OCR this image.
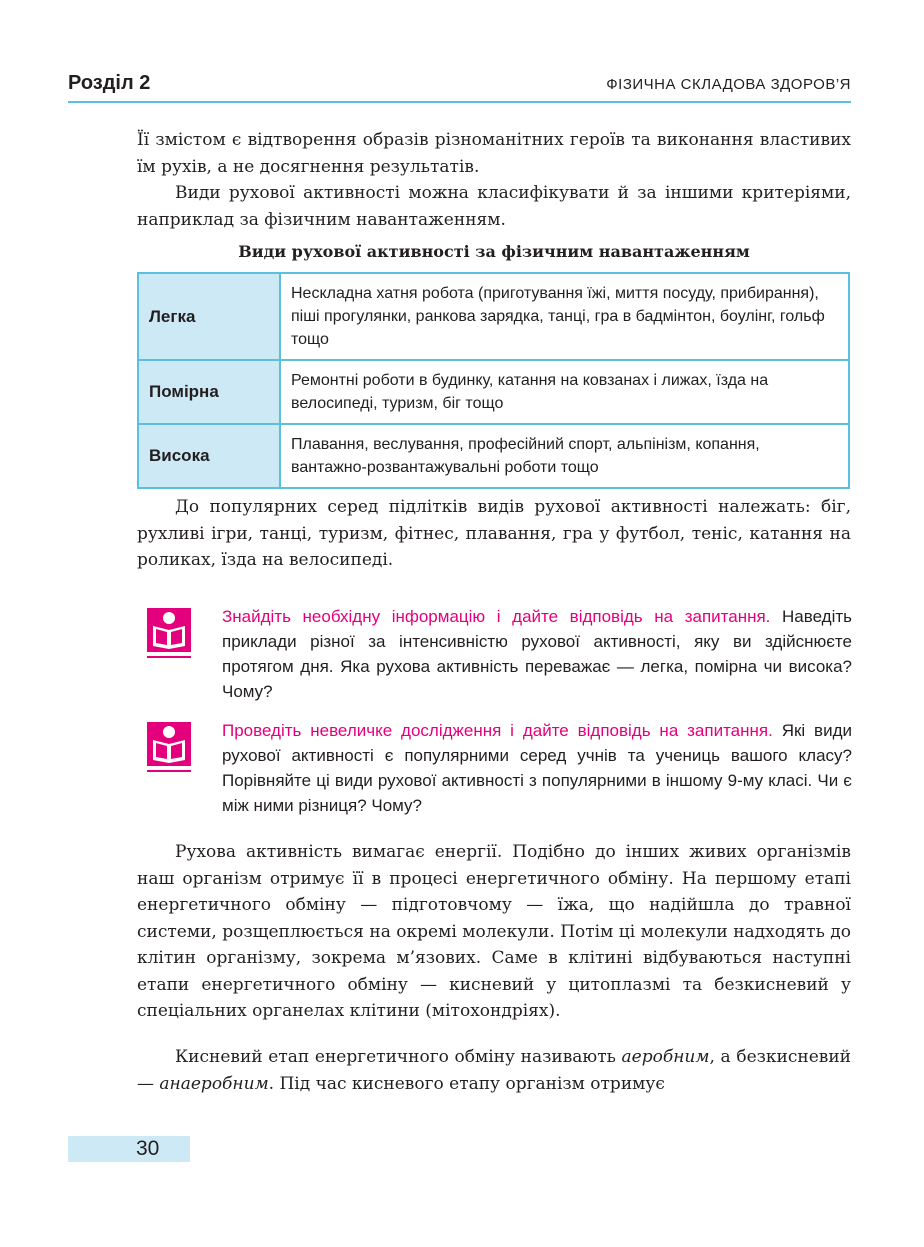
Розділ 2	ФІЗИЧНА СКЛАДОВА ЗДОРОВ’Я

Її змістом є відтворення образів різноманітних героїв та виконання властивих їм рухів, а не досягнення результатів.

Види рухової активності можна класифікувати й за іншими критеріями, наприклад за фізичним навантаженням.

Види рухової активності за фізичним навантаженням
Легка	Нескладна хатня робота (приготування їжі, миття посуду, прибирання), піші прогулянки, ранкова зарядка, танці, гра в бадмінтон, боулінг, гольф тощо
Помірна	Ремонтні роботи в будинку, катання на ковзанах і лижах, їзда на велосипеді, туризм, біг тощо
Висока	Плавання, веслування, професійний спорт, альпінізм, копання, вантажно-розвантажувальні роботи тощо

До популярних серед підлітків видів рухової активності належать: біг, рухливі ігри, танці, туризм, фітнес, плавання, гра у футбол, теніс, катання на роликах, їзда на велосипеді.

Знайдіть необхідну інформацію і дайте відповідь на запитання. Наведіть приклади різної за інтенсивністю рухової активності, яку ви здійснюєте протягом дня. Яка рухова активність переважає — легка, помірна чи висока? Чому?

Проведіть невеличке дослідження і дайте відповідь на запитання. Які види рухової активності є популярними серед учнів та учениць вашого класу? Порівняйте ці види рухової активності з популярними в іншому 9-му класі. Чи є між ними різниця? Чому?

Рухова активність вимагає енергії. Подібно до інших живих організмів наш організм отримує її в процесі енергетичного обміну. На першому етапі енергетичного обміну — підготовчому — їжа, що надійшла до травної системи, розщеплюється на окремі молекули. Потім ці молекули надходять до клітин організму, зокрема м’язових. Саме в клітині відбуваються наступні етапи енергетичного обміну — кисневий у цитоплазмі та безкисневий у спеціальних органелах клітини (мітохондріях).

Кисневий етап енергетичного обміну називають аеробним, а безкисневий — анаеробним. Під час кисневого етапу організм отримує

30
